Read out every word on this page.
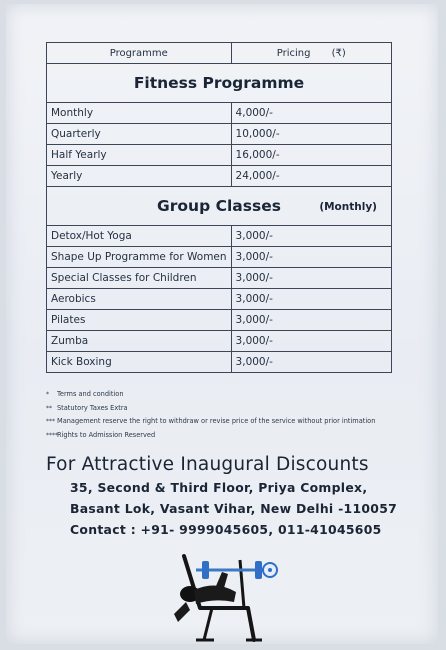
Programme	Pricing (₹)
Fitness Programme	
Monthly	4,000/-
Quarterly	10,000/-
Half Yearly	16,000/-
Yearly	24,000/-

Group Classes (Monthly)	

Detox/Hot Yoga	3,000/-
Shape Up Programme for Women	3,000/-
Special Classes for Children	3,000/-
Aerobics	3,000/-
Pilates	3,000/-
Zumba	3,000/-
Kick Boxing	3,000/-
* Terms and condition
** Statutory Taxes Extra
*** Management reserve the right to withdraw or revise price of the service without prior intimation
****Rights to Admission Reserved
For Attractive Inaugural Discounts
35, Second & Third Floor, Priya Complex,
Basant Lok, Vasant Vihar, New Delhi -110057
Contact : +91- 9999045605, 011-41045605
